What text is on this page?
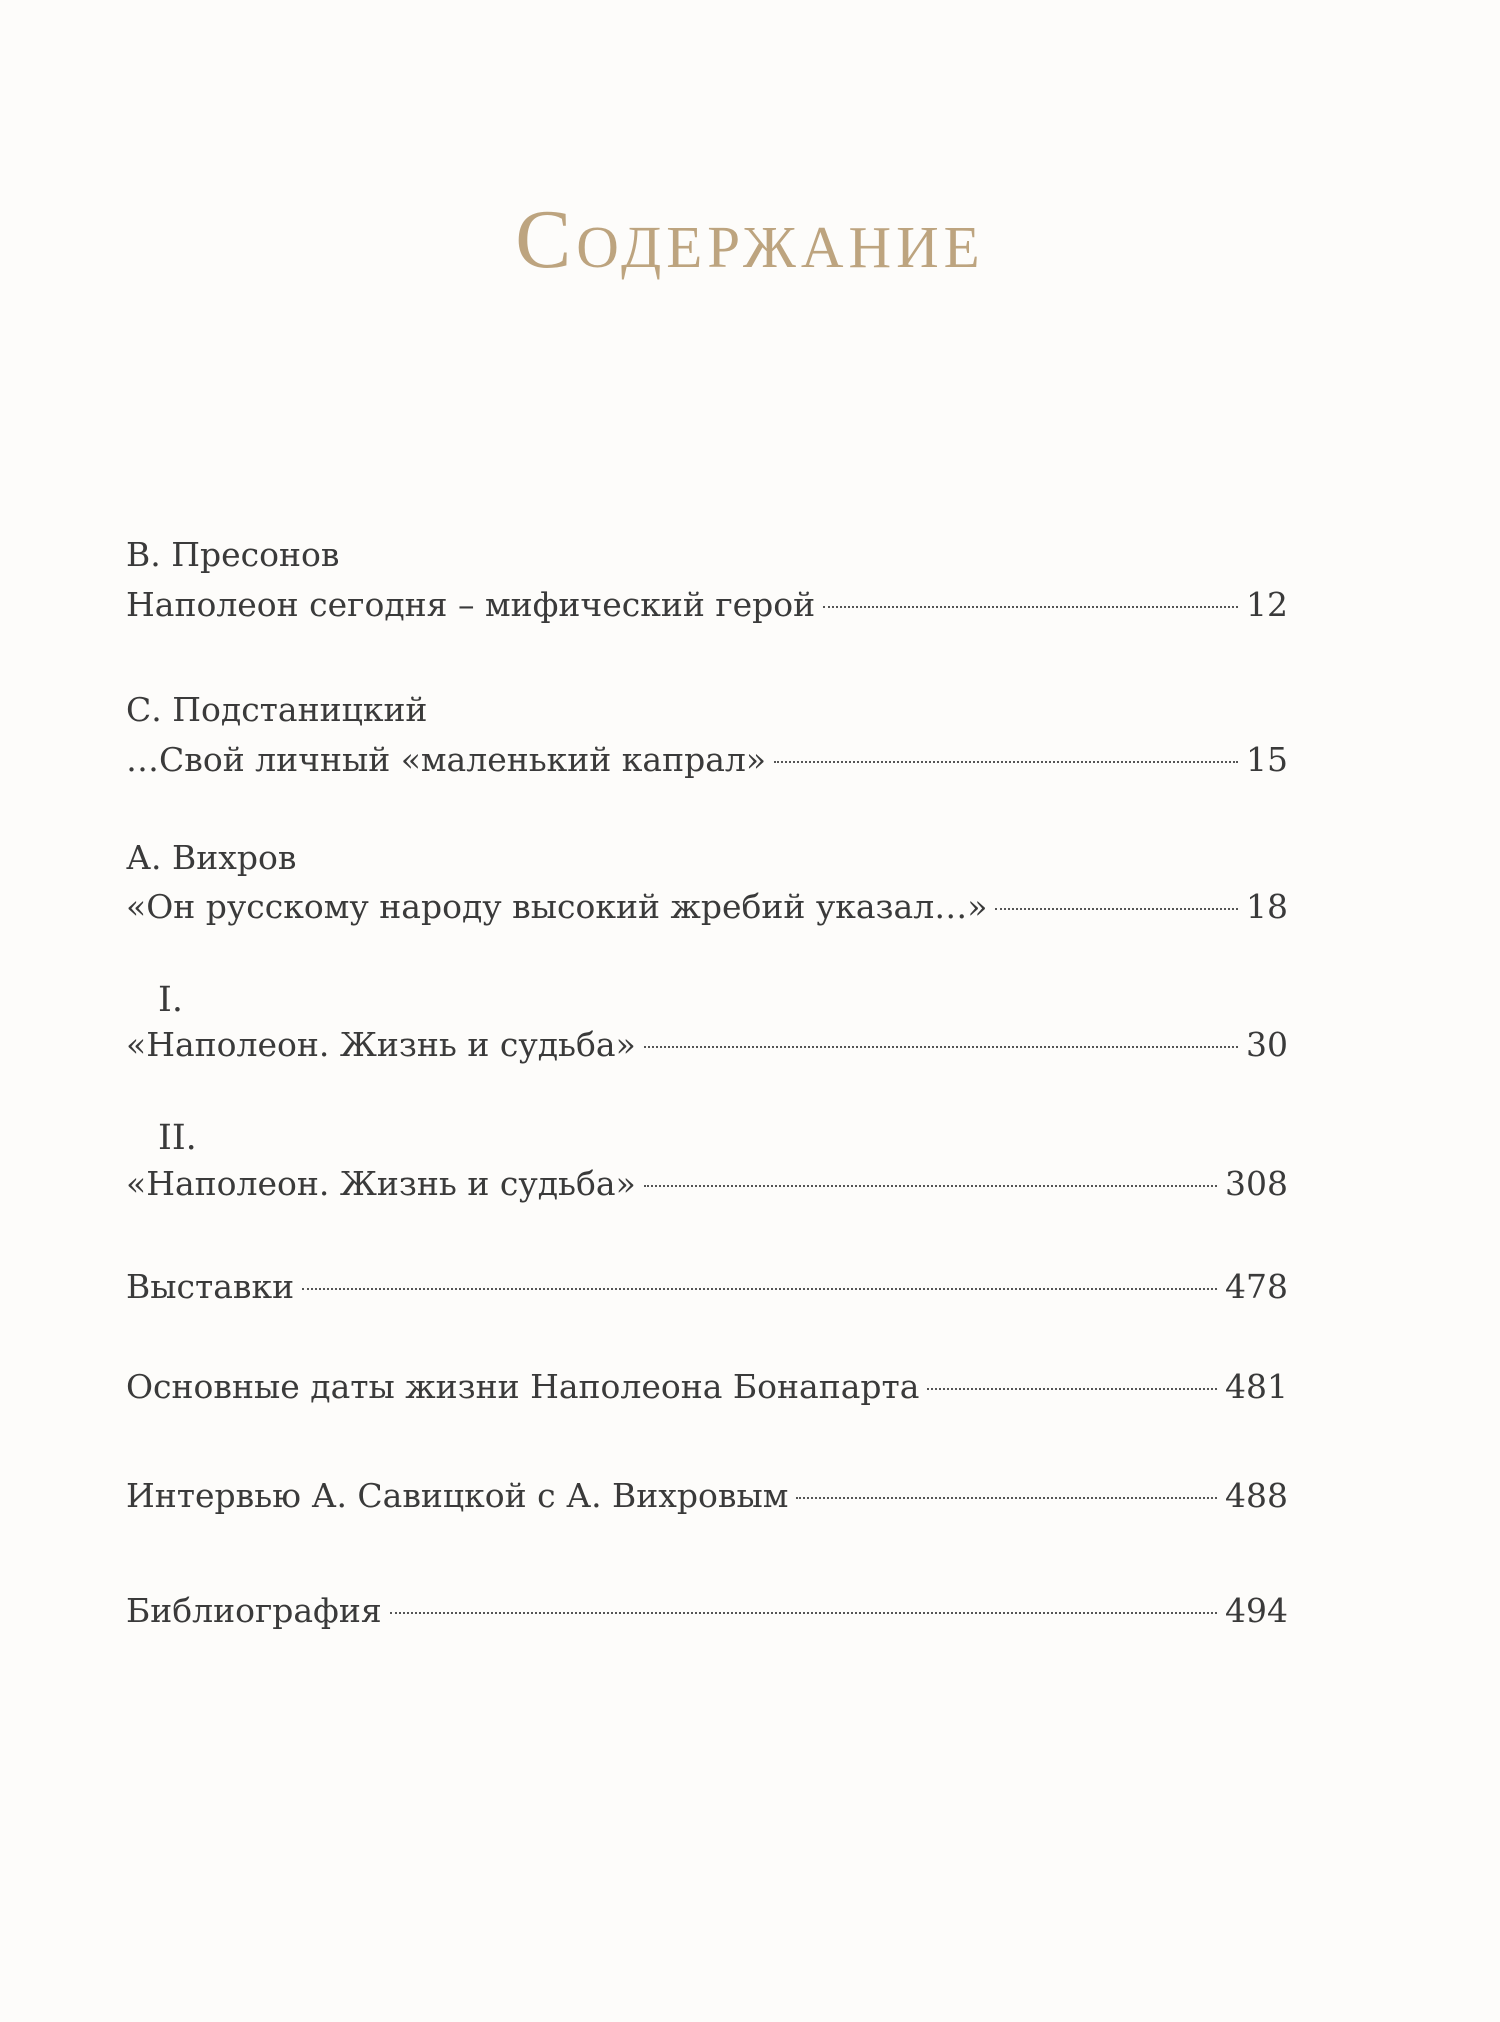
Содержание
В. Пресонов
Наполеон сегодня – мифический герой	12
С. Подстаницкий
…Свой личный «маленький капрал»	15
А. Вихров
«Он русскому народу высокий жребий указал…»	18
I.
«Наполеон. Жизнь и судьба»	30
II.
«Наполеон. Жизнь и судьба»	308
Выставки	478
Основные даты жизни Наполеона Бонапарта	481
Интервью А. Савицкой с А. Вихровым	488
Библиография	494
